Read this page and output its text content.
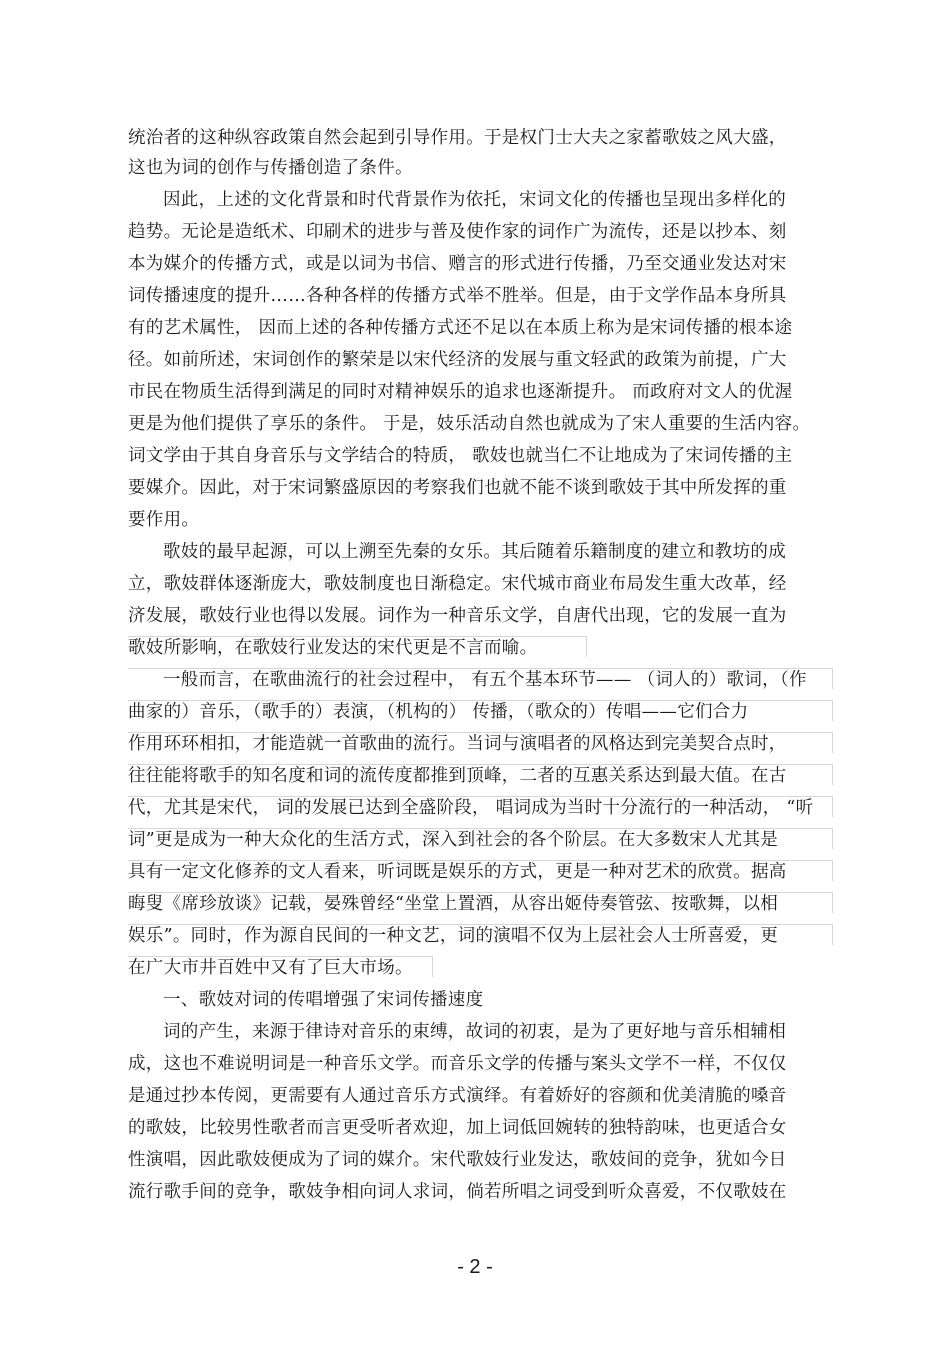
统治者的这种纵容政策自然会起到引导作用。于是权门士大夫之家蓄歌妓之风大盛，
这也为词的创作与传播创造了条件。
因此，上述的文化背景和时代背景作为依托，宋词文化的传播也呈现出多样化的
趋势。无论是造纸术、印刷术的进步与普及使作家的词作广为流传，还是以抄本、刻
本为媒介的传播方式，或是以词为书信、赠言的形式进行传播，乃至交通业发达对宋
词传播速度的提升……各种各样的传播方式举不胜举。但是，由于文学作品本身所具
有的艺术属性， 因而上述的各种传播方式还不足以在本质上称为是宋词传播的根本途
径。如前所述，宋词创作的繁荣是以宋代经济的发展与重文轻武的政策为前提，广大
市民在物质生活得到满足的同时对精神娱乐的追求也逐渐提升。 而政府对文人的优渥
更是为他们提供了享乐的条件。 于是，妓乐活动自然也就成为了宋人重要的生活内容。
词文学由于其自身音乐与文学结合的特质， 歌妓也就当仁不让地成为了宋词传播的主
要媒介。因此，对于宋词繁盛原因的考察我们也就不能不谈到歌妓于其中所发挥的重
要作用。
歌妓的最早起源，可以上溯至先秦的女乐。其后随着乐籍制度的建立和教坊的成
立，歌妓群体逐渐庞大，歌妓制度也日渐稳定。宋代城市商业布局发生重大改革，经
济发展，歌妓行业也得以发展。词作为一种音乐文学，自唐代出现，它的发展一直为
歌妓所影响，在歌妓行业发达的宋代更是不言而喻。
一般而言，在歌曲流行的社会过程中， 有五个基本环节—— （词人的）歌词，（作
曲家的）音乐，（歌手的）表演，（机构的） 传播，（歌众的）传唱——它们合力
作用环环相扣，才能造就一首歌曲的流行。当词与演唱者的风格达到完美契合点时，
往往能将歌手的知名度和词的流传度都推到顶峰，二者的互惠关系达到最大值。在古
代，尤其是宋代， 词的发展已达到全盛阶段， 唱词成为当时十分流行的一种活动， “听
词”更是成为一种大众化的生活方式，深入到社会的各个阶层。在大多数宋人尤其是
具有一定文化修养的文人看来，听词既是娱乐的方式，更是一种对艺术的欣赏。据高
晦叟《席珍放谈》记载，晏殊曾经“坐堂上置酒，从容出姬侍奏管弦、按歌舞，以相
娱乐”。同时，作为源自民间的一种文艺，词的演唱不仅为上层社会人士所喜爱，更
在广大市井百姓中又有了巨大市场。
一、歌妓对词的传唱增强了宋词传播速度
词的产生，来源于律诗对音乐的束缚，故词的初衷，是为了更好地与音乐相辅相
成，这也不难说明词是一种音乐文学。而音乐文学的传播与案头文学不一样，不仅仅
是通过抄本传阅，更需要有人通过音乐方式演绎。有着娇好的容颜和优美清脆的嗓音
的歌妓，比较男性歌者而言更受听者欢迎，加上词低回婉转的独特韵味，也更适合女
性演唱，因此歌妓便成为了词的媒介。宋代歌妓行业发达，歌妓间的竞争，犹如今日
流行歌手间的竞争，歌妓争相向词人求词，倘若所唱之词受到听众喜爱，不仅歌妓在
- 2 -
